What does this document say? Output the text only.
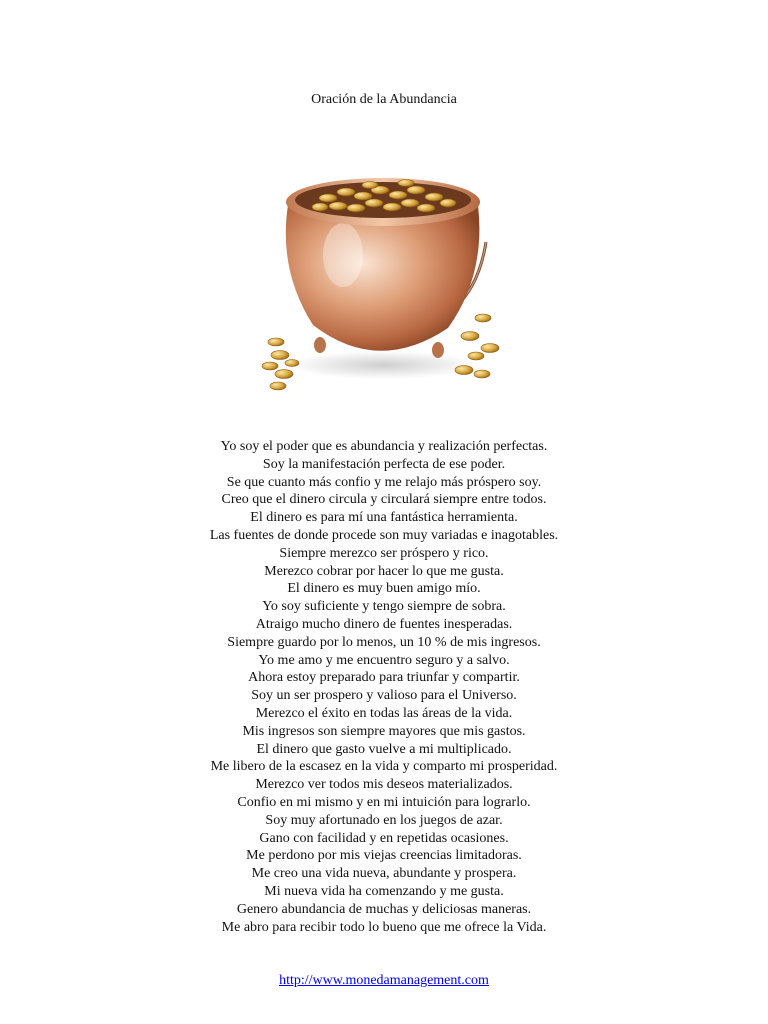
Oración de la Abundancia
Yo soy el poder que es abundancia y realización perfectas.
Soy la manifestación perfecta de ese poder.
Se que cuanto más confio y me relajo más próspero soy.
Creo que el dinero circula y circulará siempre entre todos.
El dinero es para mí una fantástica herramienta.
Las fuentes de donde procede son muy variadas e inagotables.
Siempre merezco ser próspero y rico.
Merezco cobrar por hacer lo que me gusta.
El dinero es muy buen amigo mío.
Yo soy suficiente y tengo siempre de sobra.
Atraigo mucho dinero de fuentes inesperadas.
Siempre guardo por lo menos, un 10 % de mis ingresos.
Yo me amo y me encuentro seguro y a salvo.
Ahora estoy preparado para triunfar y compartir.
Soy un ser prospero y valioso para el Universo.
Merezco el éxito en todas las áreas de la vida.
Mis ingresos son siempre mayores que mis gastos.
El dinero que gasto vuelve a mi multiplicado.
Me libero de la escasez en la vida y comparto mi prosperidad.
Merezco ver todos mis deseos materializados.
Confio en mi mismo y en mi intuición para lograrlo.
Soy muy afortunado en los juegos de azar.
Gano con facilidad y en repetidas ocasiones.
Me perdono por mis viejas creencias limitadoras.
Me creo una vida nueva, abundante y prospera.
Mi nueva vida ha comenzando y me gusta.
Genero abundancia de muchas y deliciosas maneras.
Me abro para recibir todo lo bueno que me ofrece la Vida.
http://www.monedamanagement.com
